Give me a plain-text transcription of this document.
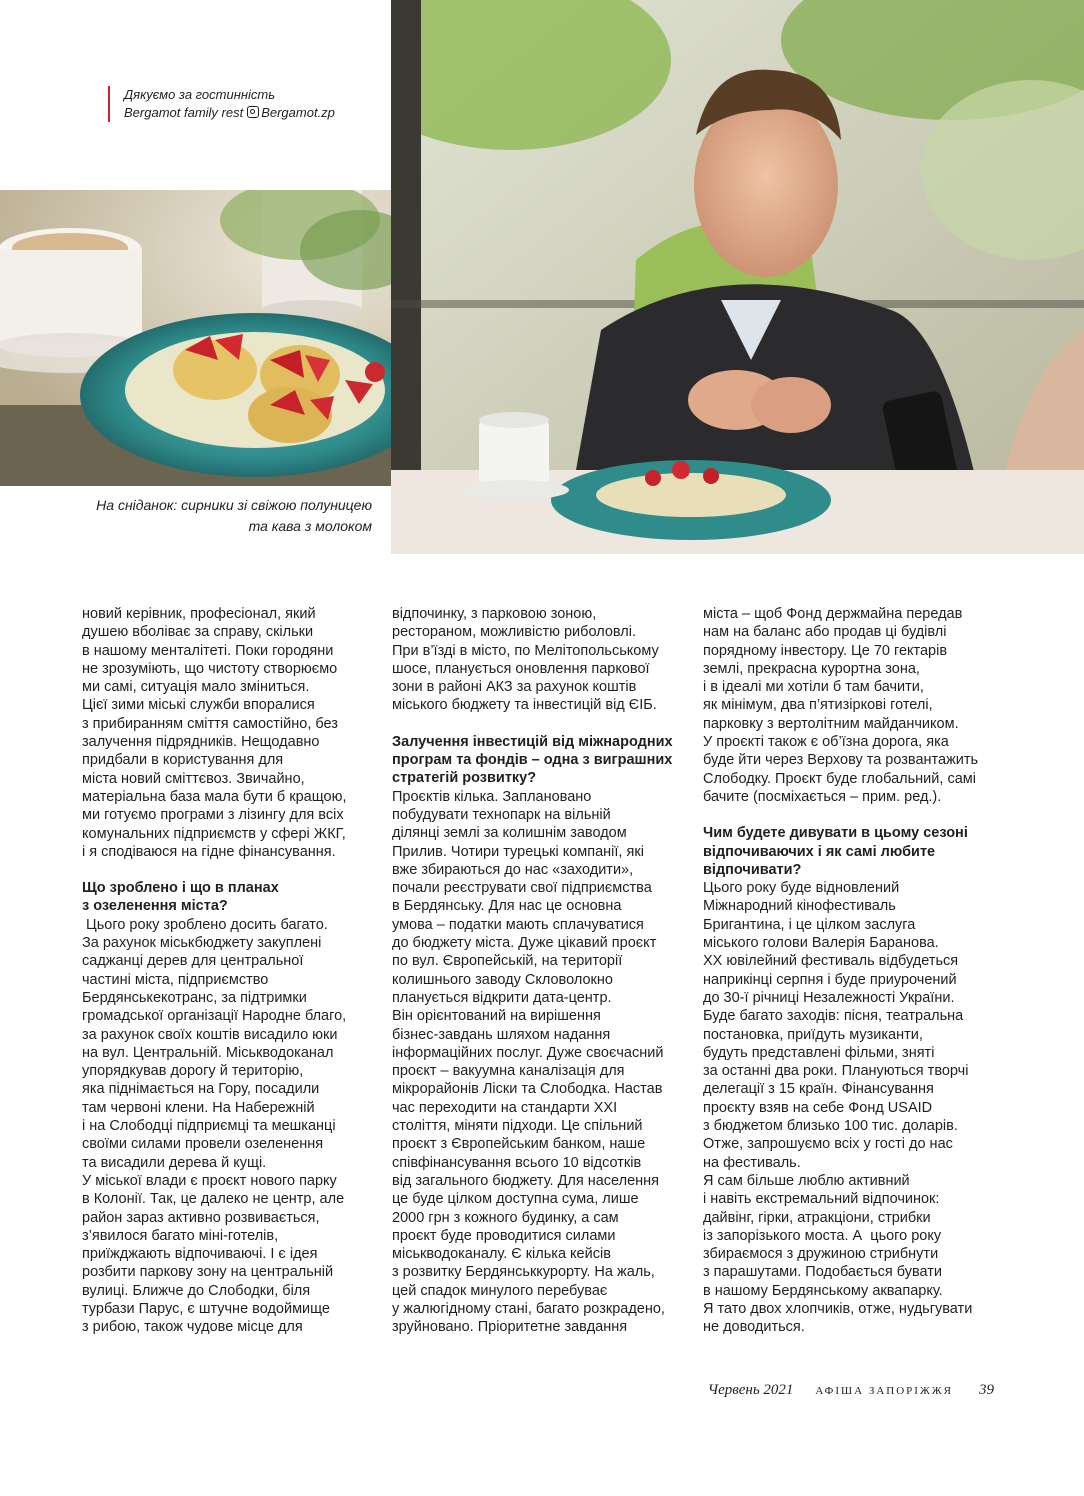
Дякуємо за гостинність
Bergamot family rest Bergamot.zp
На сніданок: сирники зі свіжою полуницею
та кава з молоком

новий керівник, професіонал, який
душею вболіває за справу, скільки
в нашому менталітеті. Поки городяни
не зрозуміють, що чистоту створюємо
ми самі, ситуація мало зміниться.
Цієї зими міські служби впоралися
з прибиранням сміття самостійно, без
залучення підрядників. Нещодавно
придбали в користування для
міста новий сміттєвоз. Звичайно,
матеріальна база мала бути б кращою,
ми готуємо програми з лізингу для всіх
комунальних підприємств у сфері ЖКГ,
і я сподіваюся на гідне фінансування.

Що зроблено і що в планах
з озеленення міста?

Цього року зроблено досить багато.
За рахунок міськбюджету закуплені
саджанці дерев для центральної
частині міста, підприємство
Бердянськекотранс, за підтримки
громадської організації Народне благо,
за рахунок своїх коштів висадило юки
на вул. Центральній. Міськводоканал
упорядкував дорогу й територію,
яка піднімається на Гору, посадили
там червоні клени. На Набережній
і на Слободці підприємці та мешканці
своїми силами провели озеленення
та висадили дерева й кущі.
У міської влади є проєкт нового парку
в Колонії. Так, це далеко не центр, але
район зараз активно розвивається,
з’явилося багато міні-готелів,
приїжджають відпочиваючі. І є ідея
розбити паркову зону на центральній
вулиці. Ближче до Слободки, біля
турбази Парус, є штучне водоймище
з рибою, також чудове місце для

відпочинку, з парковою зоною,
рестораном, можливістю риболовлі.
При в’їзді в місто, по Мелітопольському
шосе, планується оновлення паркової
зони в районі АКЗ за рахунок коштів
міського бюджету та інвестицій від ЄІБ.

Залучення інвестицій від міжнародних
програм та фондів – одна з виграшних
стратегій розвитку?

Проєктів кілька. Заплановано
побудувати технопарк на вільній
ділянці землі за колишнім заводом
Прилив. Чотири турецькі компанії, які
вже збираються до нас «заходити»,
почали реєструвати свої підприємства
в Бердянську. Для нас це основна
умова – податки мають сплачуватися
до бюджету міста. Дуже цікавий проєкт
по вул. Європейській, на території
колишнього заводу Скловолокно
планується відкрити дата-центр.
Він орієнтований на вирішення
бізнес-завдань шляхом надання
інформаційних послуг. Дуже своєчасний
проєкт – вакуумна каналізація для
мікрорайонів Ліски та Слободка. Настав
час переходити на стандарти XXI
століття, міняти підходи. Це спільний
проєкт з Європейським банком, наше
співфінансування всього 10 відсотків
від загального бюджету. Для населення
це буде цілком доступна сума, лише
2000 грн з кожного будинку, а сам
проєкт буде проводитися силами
міськводоканалу. Є кілька кейсів
з розвитку Бердянськкурорту. На жаль,
цей спадок минулого перебуває
у жалюгідному стані, багато розкрадено,
зруйновано. Пріоритетне завдання

міста – щоб Фонд держмайна передав
нам на баланс або продав ці будівлі
порядному інвестору. Це 70 гектарів
землі, прекрасна курортна зона,
і в ідеалі ми хотіли б там бачити,
як мінімум, два п’ятизіркові готелі,
парковку з вертолітним майданчиком.
У проєкті також є об’їзна дорога, яка
буде йти через Верхову та розвантажить
Слободку. Проєкт буде глобальний, самі
бачите (посміхається – прим. ред.).

Чим будете дивувати в цьому сезоні
відпочиваючих і як самі любите
відпочивати?

Цього року буде відновлений
Міжнародний кінофестиваль
Бригантина, і це цілком заслуга
міського голови Валерія Баранова.
XX ювілейний фестиваль відбудеться
наприкінці серпня і буде приурочений
до 30-ї річниці Незалежності України.
Буде багато заходів: пісня, театральна
постановка, приїдуть музиканти,
будуть представлені фільми, зняті
за останні два роки. Плануються творчі
делегації з 15 країн. Фінансування
проєкту взяв на себе Фонд USAID
з бюджетом близько 100 тис. доларів.
Отже, запрошуємо всіх у гості до нас
на фестиваль.
Я сам більше люблю активний
і навіть екстремальний відпочинок:
дайвінг, гірки, атракціони, стрибки
із запорізького моста. А  цього року
збираємося з дружиною стрибнути
з парашутами. Подобається бувати
в нашому Бердянському аквапарку.
Я тато двох хлопчиків, отже, нудьгувати
не доводиться.

Червень 2021 АФІША ЗАПОРІЖЖЯ 39
